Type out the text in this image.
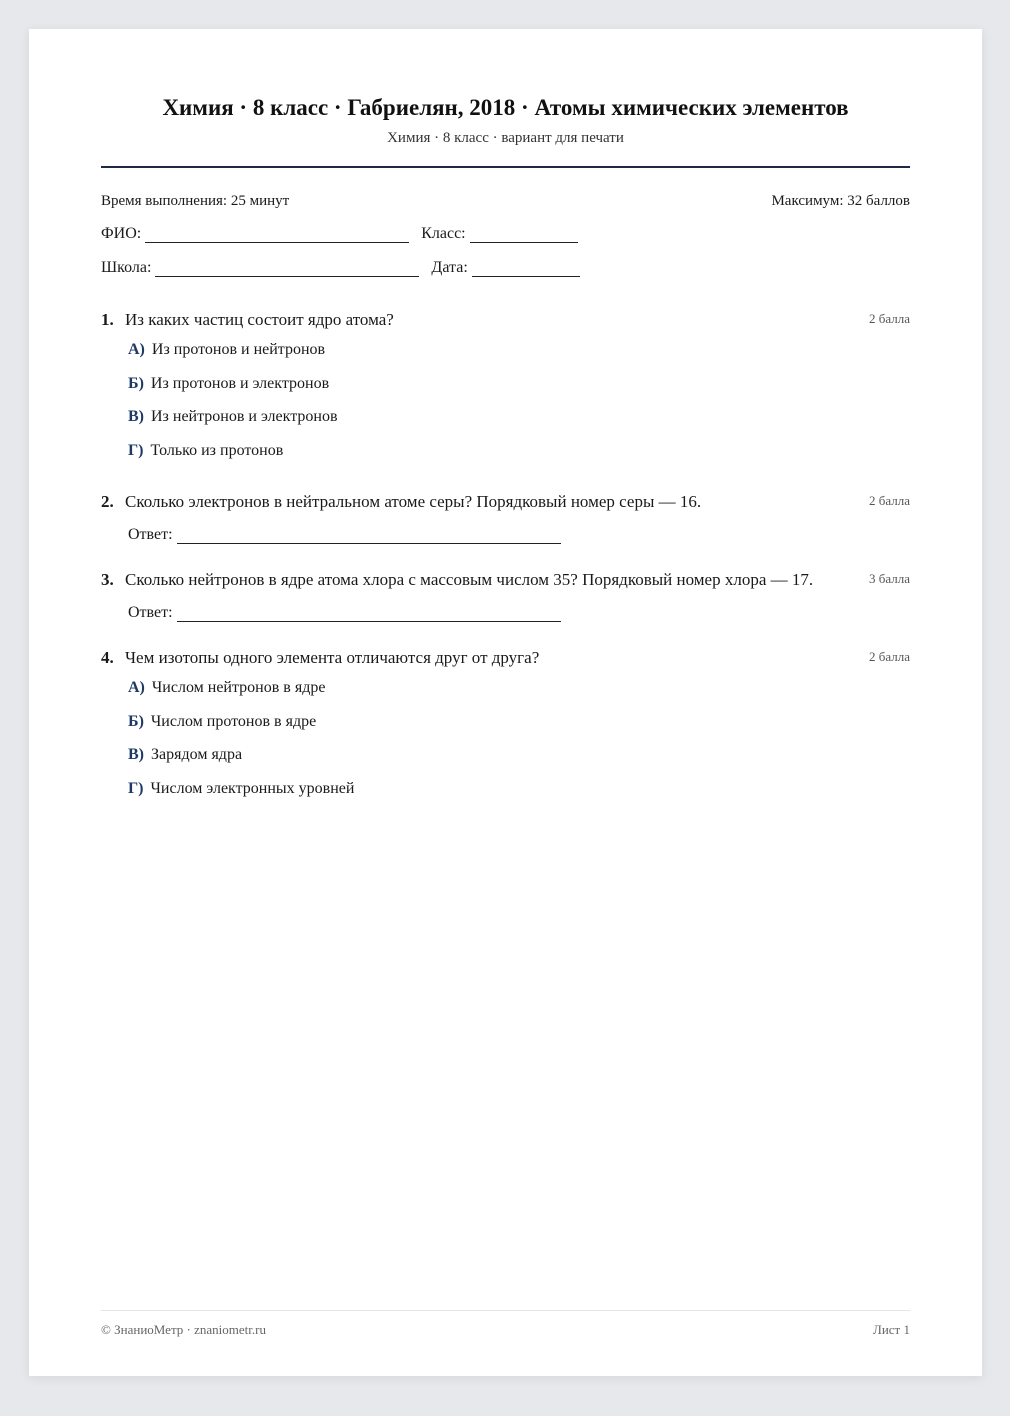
Химия · 8 класс · Габриелян, 2018 · Атомы химических элементов
Химия · 8 класс · вариант для печати
Время выполнения: 25 минут	Максимум: 32 баллов
ФИО:	Класс:
Школа:	Дата:
1. Из каких частиц состоит ядро атома?	2 балла
А) Из протонов и нейтронов
Б) Из протонов и электронов
В) Из нейтронов и электронов
Г) Только из протонов
2. Сколько электронов в нейтральном атоме серы? Порядковый номер серы — 16.	2 балла
Ответ:
3. Сколько нейтронов в ядре атома хлора с массовым числом 35? Порядковый номер хлора — 17.	3 балла
Ответ:
4. Чем изотопы одного элемента отличаются друг от друга?	2 балла
А) Числом нейтронов в ядре
Б) Числом протонов в ядре
В) Зарядом ядра
Г) Числом электронных уровней
© ЗнаниоМетр · znaniometr.ru	Лист 1
